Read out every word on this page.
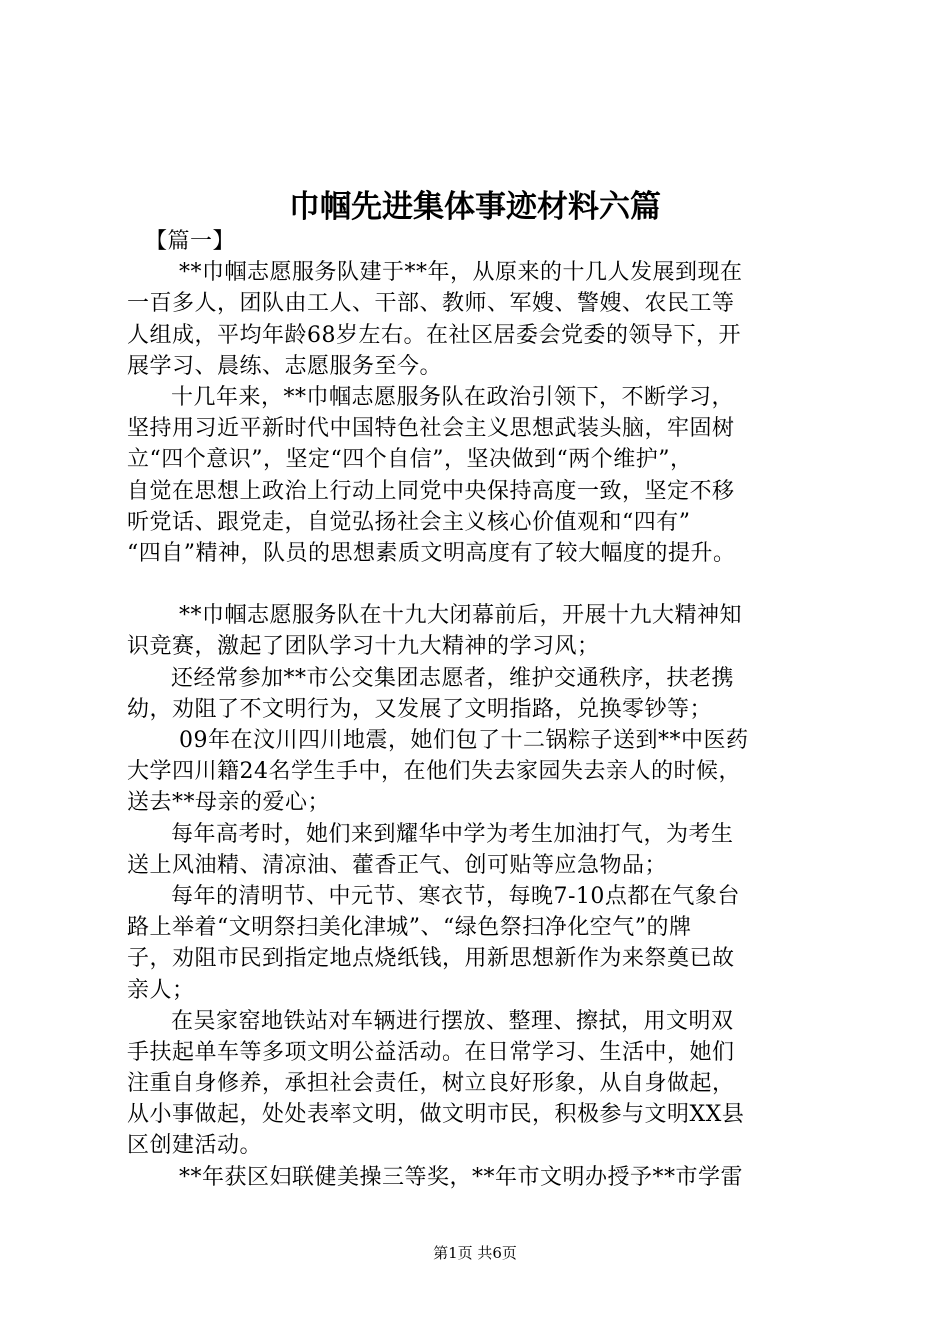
巾帼先进集体事迹材料六篇
【篇一】
**巾帼志愿服务队建于**年，从原来的十几人发展到现在
一百多人，团队由工人、干部、教师、军嫂、警嫂、农民工等
人组成，平均年龄68岁左右。在社区居委会党委的领导下，开
展学习、晨练、志愿服务至今。
十几年来，**巾帼志愿服务队在政治引领下，不断学习，
坚持用习近平新时代中国特色社会主义思想武装头脑，牢固树
立“四个意识”，坚定“四个自信”，坚决做到“两个维护”，
自觉在思想上政治上行动上同党中央保持高度一致，坚定不移
听党话、跟党走，自觉弘扬社会主义核心价值观和“四有”
“四自”精神，队员的思想素质文明高度有了较大幅度的提升。
**巾帼志愿服务队在十九大闭幕前后，开展十九大精神知
识竞赛，激起了团队学习十九大精神的学习风；
还经常参加**市公交集团志愿者，维护交通秩序，扶老携
幼，劝阻了不文明行为，又发展了文明指路，兑换零钞等；
09年在汶川四川地震，她们包了十二锅粽子送到**中医药
大学四川籍24名学生手中，在他们失去家园失去亲人的时候，
送去**母亲的爱心；
每年高考时，她们来到耀华中学为考生加油打气，为考生
送上风油精、清凉油、藿香正气、创可贴等应急物品；
每年的清明节、中元节、寒衣节，每晚7-10点都在气象台
路上举着“文明祭扫美化津城”、“绿色祭扫净化空气”的牌
子，劝阻市民到指定地点烧纸钱，用新思想新作为来祭奠已故
亲人；
在吴家窑地铁站对车辆进行摆放、整理、擦拭，用文明双
手扶起单车等多项文明公益活动。在日常学习、生活中，她们
注重自身修养，承担社会责任，树立良好形象，从自身做起，
从小事做起，处处表率文明，做文明市民，积极参与文明XX县
区创建活动。
**年获区妇联健美操三等奖，**年市文明办授予**市学雷
第1页 共6页
